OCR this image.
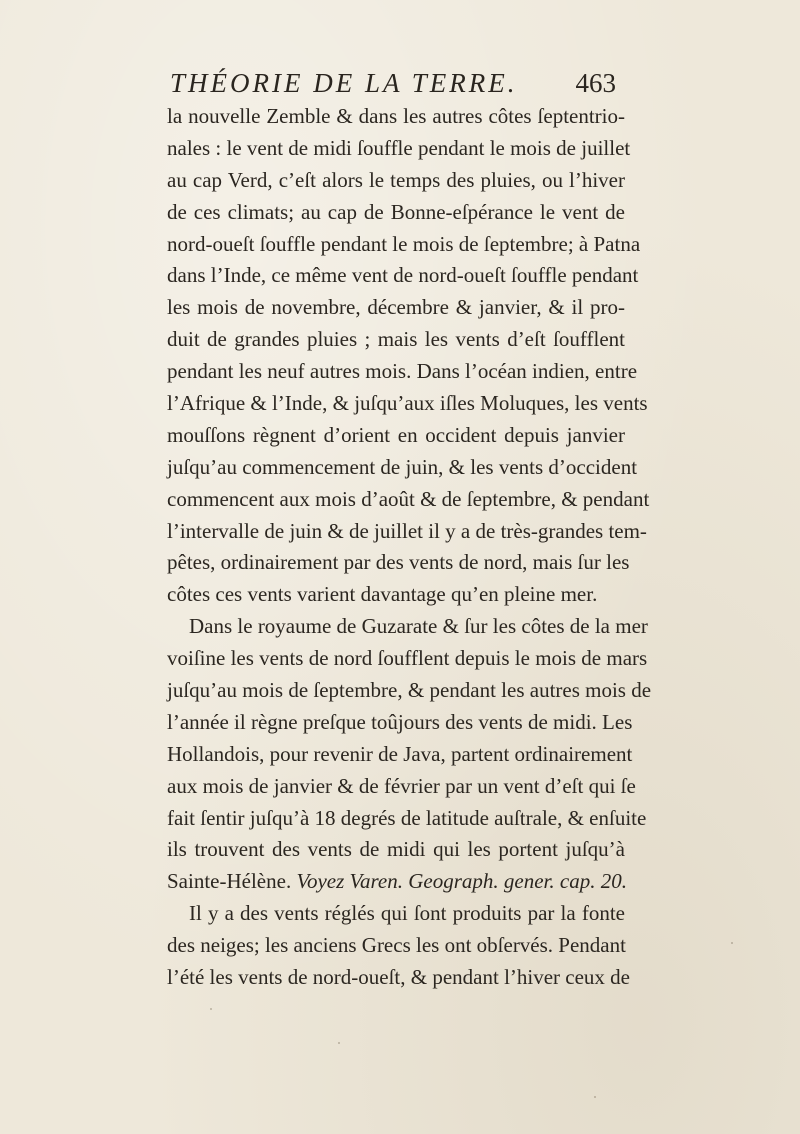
THÉORIE DE LA TERRE. 463
la nouvelle Zemble & dans les autres côtes ſeptentrio-
nales : le vent de midi ſouffle pendant le mois de juillet
au cap Verd, c’eſt alors le temps des pluies, ou l’hiver
de ces climats; au cap de Bonne-eſpérance le vent de
nord-oueſt ſouffle pendant le mois de ſeptembre; à Patna
dans l’Inde, ce même vent de nord-oueſt ſouffle pendant
les mois de novembre, décembre & janvier, & il pro-
duit de grandes pluies ; mais les vents d’eſt ſoufflent
pendant les neuf autres mois. Dans l’océan indien, entre
l’Afrique & l’Inde, & juſqu’aux iſles Moluques, les vents
mouſſons règnent d’orient en occident depuis janvier
juſqu’au commencement de juin, & les vents d’occident
commencent aux mois d’août & de ſeptembre, & pendant
l’intervalle de juin & de juillet il y a de très-grandes tem-
pêtes, ordinairement par des vents de nord, mais ſur les
côtes ces vents varient davantage qu’en pleine mer.
Dans le royaume de Guzarate & ſur les côtes de la mer
voiſine les vents de nord ſoufflent depuis le mois de mars
juſqu’au mois de ſeptembre, & pendant les autres mois de
l’année il règne preſque toûjours des vents de midi. Les
Hollandois, pour revenir de Java, partent ordinairement
aux mois de janvier & de février par un vent d’eſt qui ſe
fait ſentir juſqu’à 18 degrés de latitude auſtrale, & enſuite
ils trouvent des vents de midi qui les portent juſqu’à
Sainte-Hélène. Voyez Varen. Geograph. gener. cap. 20.
Il y a des vents réglés qui ſont produits par la fonte
des neiges; les anciens Grecs les ont obſervés. Pendant
l’été les vents de nord-oueſt, & pendant l’hiver ceux de
